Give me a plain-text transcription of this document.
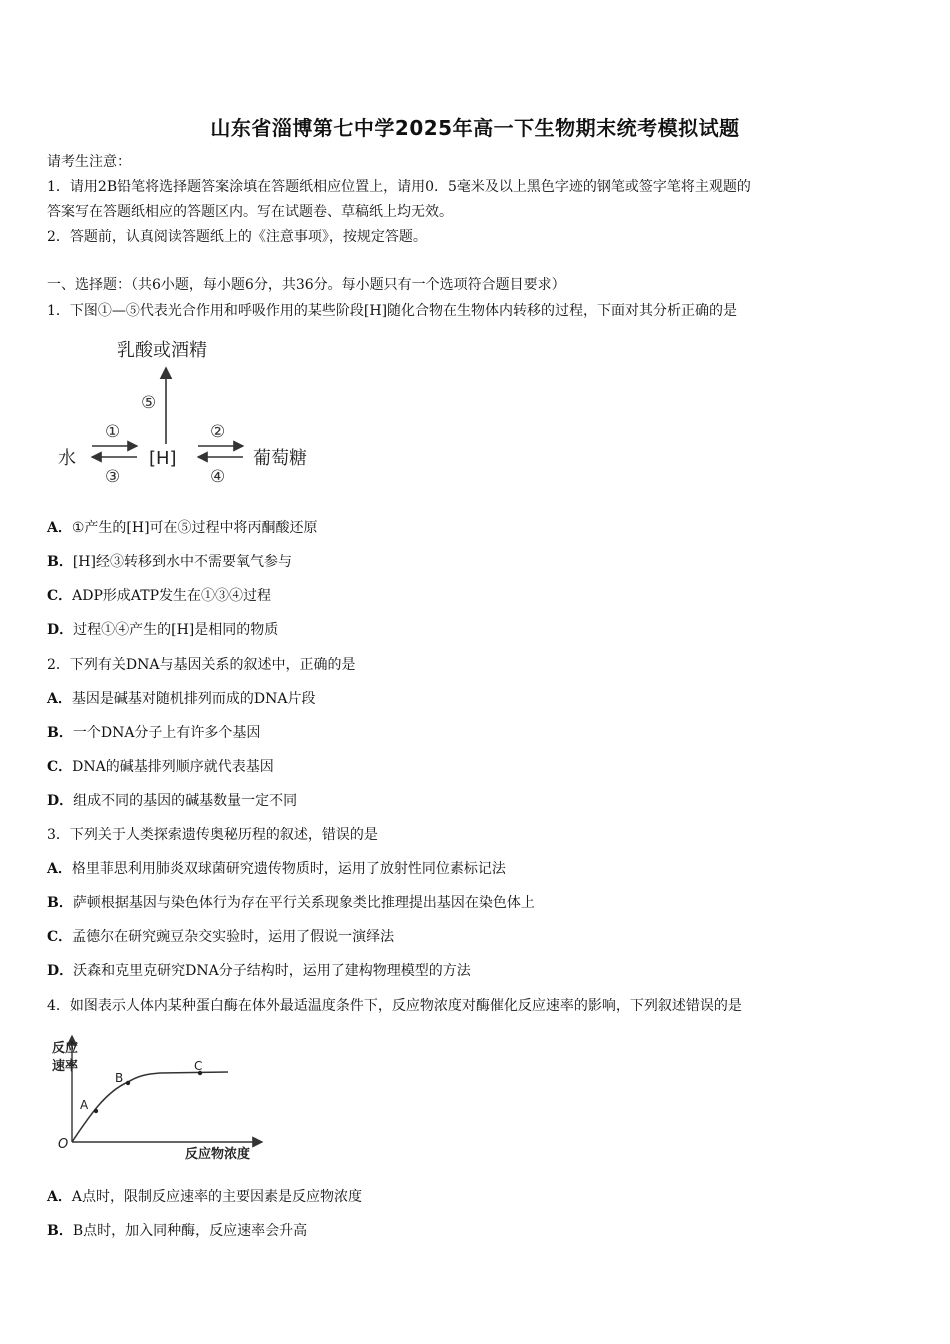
山东省淄博第七中学2025年高一下生物期末统考模拟试题
请考生注意：
1．请用2B铅笔将选择题答案涂填在答题纸相应位置上，请用0．5毫米及以上黑色字迹的钢笔或签字笔将主观题的
答案写在答题纸相应的答题区内。写在试题卷、草稿纸上均无效。
2．答题前，认真阅读答题纸上的《注意事项》，按规定答题。
一、选择题：（共6小题，每小题6分，共36分。每小题只有一个选项符合题目要求）
1．下图①—⑤代表光合作用和呼吸作用的某些阶段[H]随化合物在生物体内转移的过程，下面对其分析正确的是
乳酸或酒精
⑤
水
①
③
[H]
②
④
葡萄糖
A．①产生的[H]可在⑤过程中将丙酮酸还原
B．[H]经③转移到水中不需要氧气参与
C．ADP形成ATP发生在①③④过程
D．过程①④产生的[H]是相同的物质
2．下列有关DNA与基因关系的叙述中，正确的是
A．基因是碱基对随机排列而成的DNA片段
B．一个DNA分子上有许多个基因
C．DNA的碱基排列顺序就代表基因
D．组成不同的基因的碱基数量一定不同
3．下列关于人类探索遗传奥秘历程的叙述，错误的是
A．格里菲思利用肺炎双球菌研究遗传物质时，运用了放射性同位素标记法
B．萨顿根据基因与染色体行为存在平行关系现象类比推理提出基因在染色体上
C．孟德尔在研究豌豆杂交实验时，运用了假说一演绎法
D．沃森和克里克研究DNA分子结构时，运用了建构物理模型的方法
4．如图表示人体内某种蛋白酶在体外最适温度条件下，反应物浓度对酶催化反应速率的影响，下列叙述错误的是
反应
速率
O
反应物浓度
A
B
C
A．A点时，限制反应速率的主要因素是反应物浓度
B．B点时，加入同种酶，反应速率会升高
